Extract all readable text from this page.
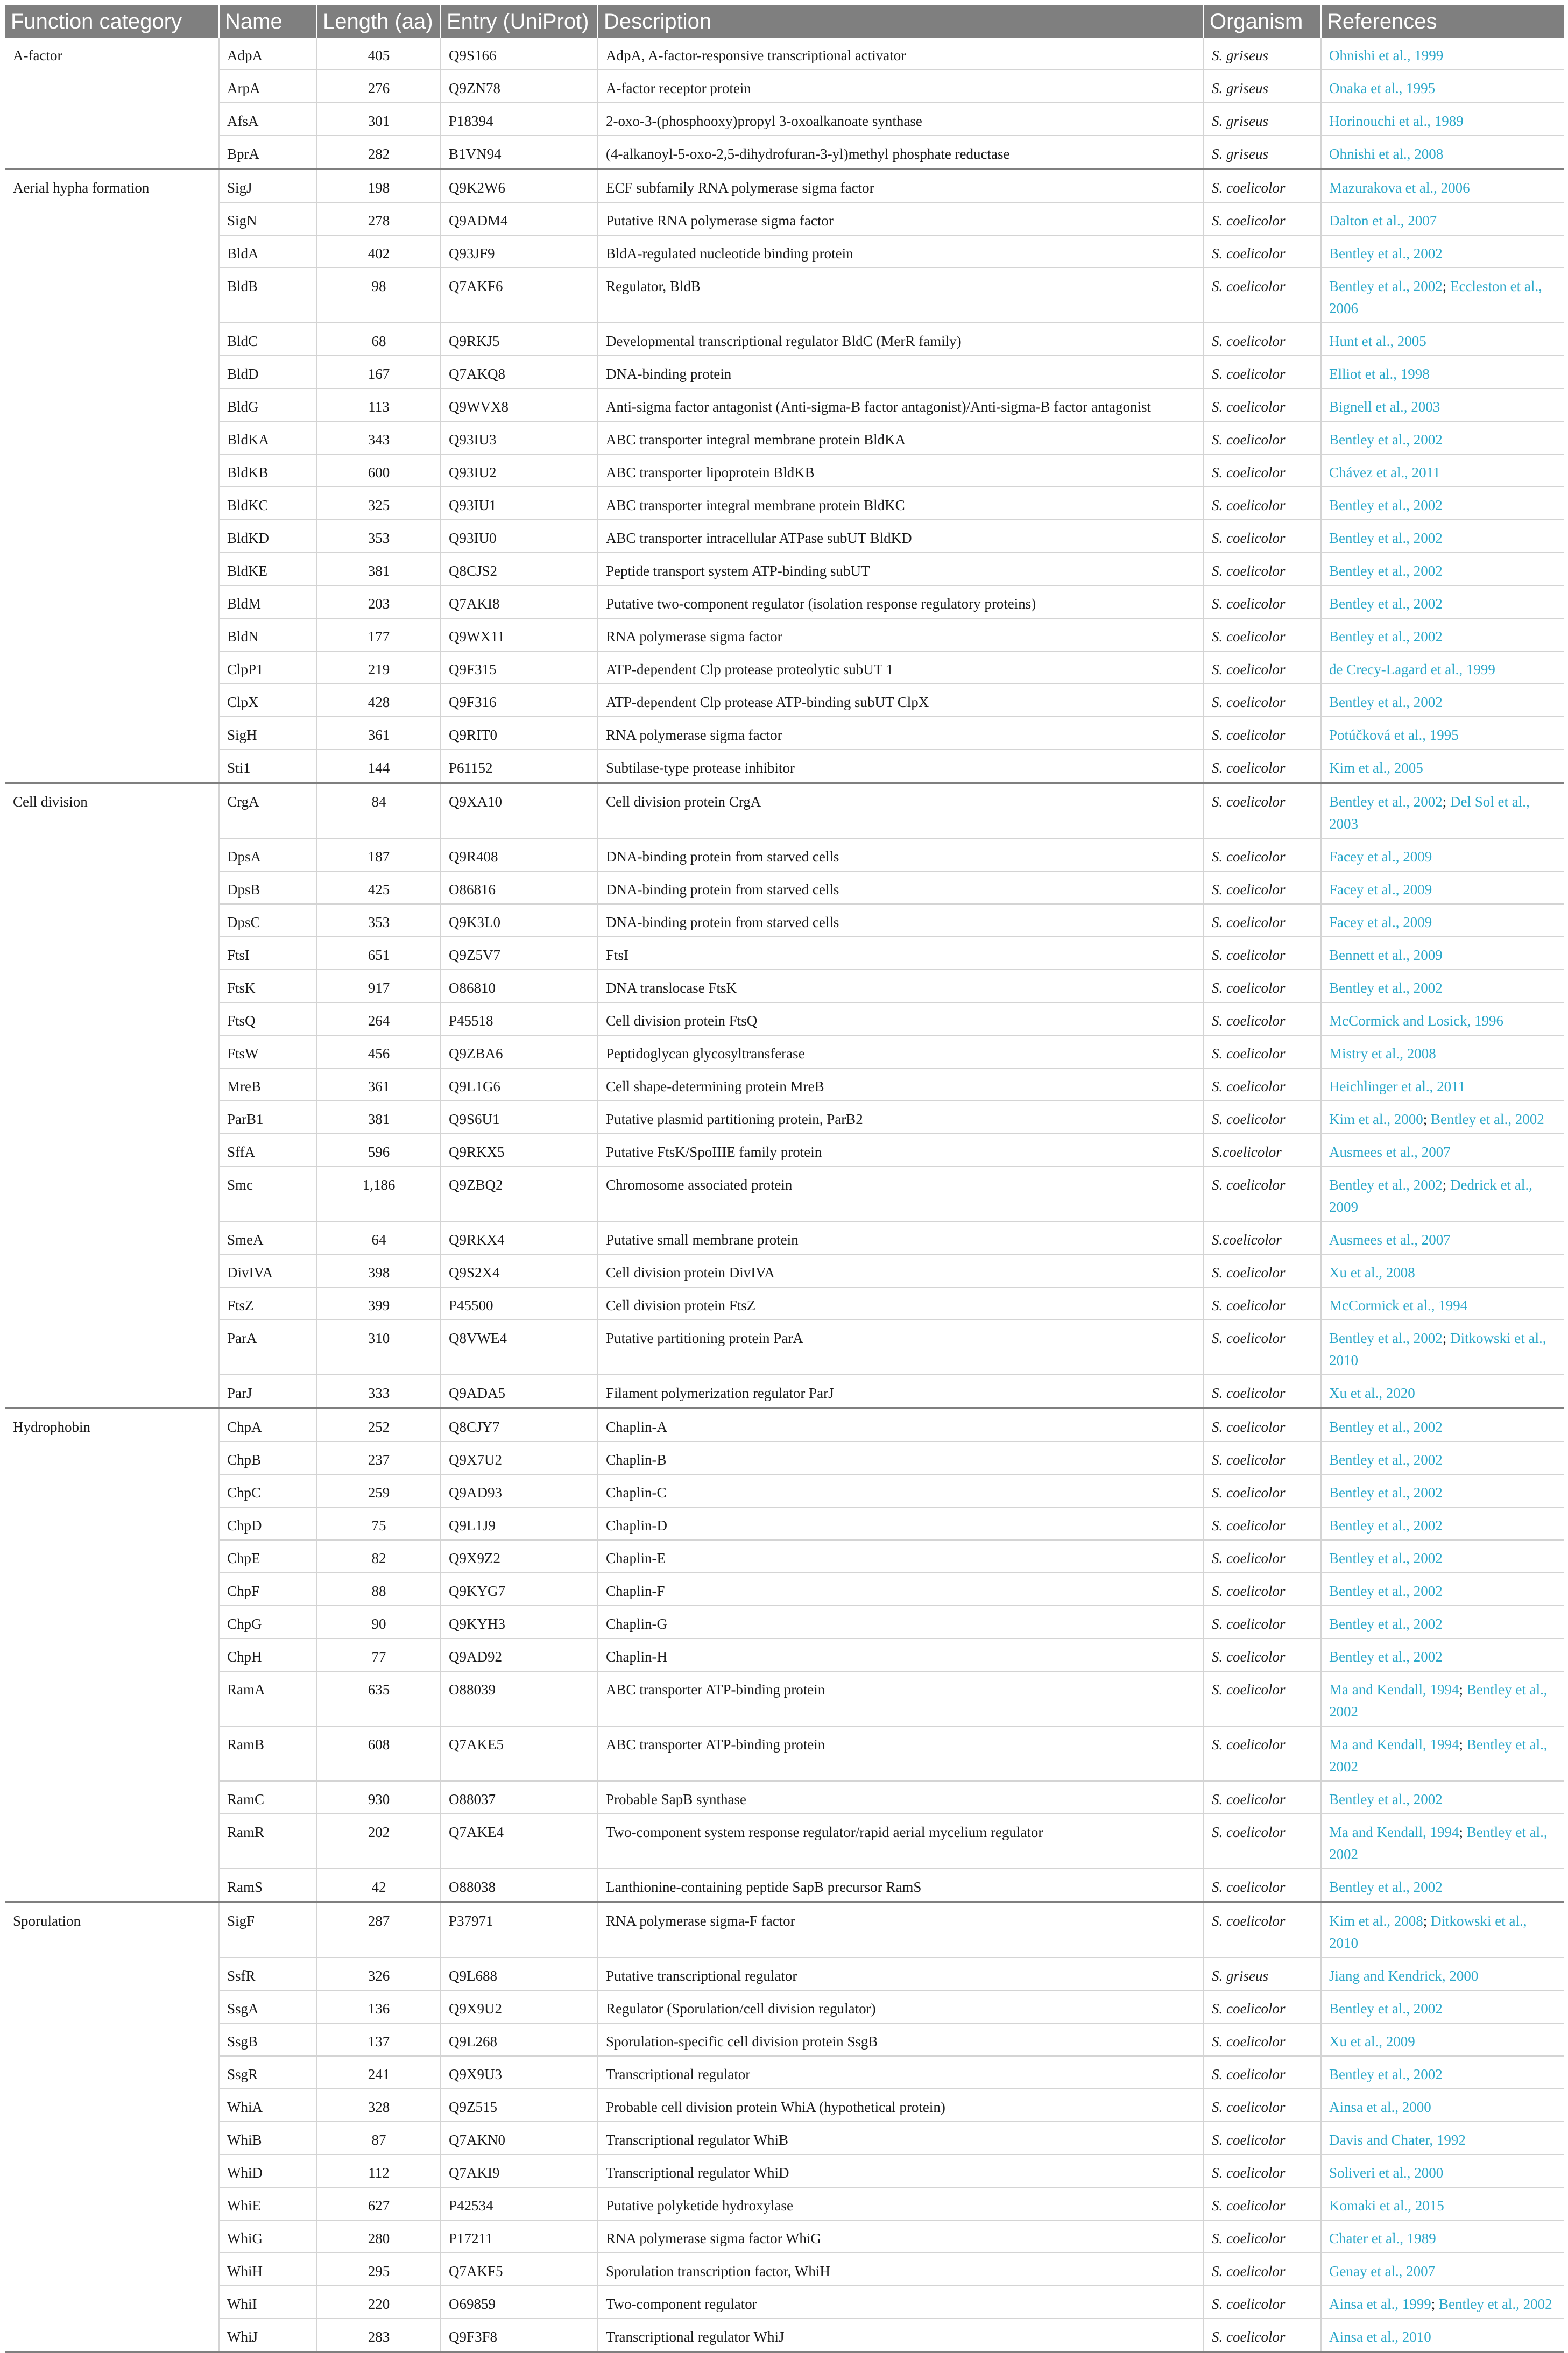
Function category	Name	Length (aa)	Entry (UniProt)	Description	Organism	References
A-factor	AdpA	405	Q9S166	AdpA, A-factor-responsive transcriptional activator	S. griseus	Ohnishi et al., 1999
	ArpA	276	Q9ZN78	A-factor receptor protein	S. griseus	Onaka et al., 1995
	AfsA	301	P18394	2-oxo-3-(phosphooxy)propyl 3-oxoalkanoate synthase	S. griseus	Horinouchi et al., 1989
	BprA	282	B1VN94	(4-alkanoyl-5-oxo-2,5-dihydrofuran-3-yl)methyl phosphate reductase	S. griseus	Ohnishi et al., 2008
Aerial hypha formation	SigJ	198	Q9K2W6	ECF subfamily RNA polymerase sigma factor	S. coelicolor	Mazurakova et al., 2006
	SigN	278	Q9ADM4	Putative RNA polymerase sigma factor	S. coelicolor	Dalton et al., 2007
	BldA	402	Q93JF9	BldA-regulated nucleotide binding protein	S. coelicolor	Bentley et al., 2002
	BldB	98	Q7AKF6	Regulator, BldB	S. coelicolor	Bentley et al., 2002 ; Eccleston et al., 2006
	BldC	68	Q9RKJ5	Developmental transcriptional regulator BldC (MerR family)	S. coelicolor	Hunt et al., 2005
	BldD	167	Q7AKQ8	DNA-binding protein	S. coelicolor	Elliot et al., 1998
	BldG	113	Q9WVX8	Anti-sigma factor antagonist (Anti-sigma-B factor antagonist)/Anti-sigma-B factor antagonist	S. coelicolor	Bignell et al., 2003
	BldKA	343	Q93IU3	ABC transporter integral membrane protein BldKA	S. coelicolor	Bentley et al., 2002
	BldKB	600	Q93IU2	ABC transporter lipoprotein BldKB	S. coelicolor	Chávez et al., 2011
	BldKC	325	Q93IU1	ABC transporter integral membrane protein BldKC	S. coelicolor	Bentley et al., 2002
	BldKD	353	Q93IU0	ABC transporter intracellular ATPase subUT BldKD	S. coelicolor	Bentley et al., 2002
	BldKE	381	Q8CJS2	Peptide transport system ATP-binding subUT	S. coelicolor	Bentley et al., 2002
	BldM	203	Q7AKI8	Putative two-component regulator (isolation response regulatory proteins)	S. coelicolor	Bentley et al., 2002
	BldN	177	Q9WX11	RNA polymerase sigma factor	S. coelicolor	Bentley et al., 2002
	ClpP1	219	Q9F315	ATP-dependent Clp protease proteolytic subUT 1	S. coelicolor	de Crecy-Lagard et al., 1999
	ClpX	428	Q9F316	ATP-dependent Clp protease ATP-binding subUT ClpX	S. coelicolor	Bentley et al., 2002
	SigH	361	Q9RIT0	RNA polymerase sigma factor	S. coelicolor	Potúčková et al., 1995
	Sti1	144	P61152	Subtilase-type protease inhibitor	S. coelicolor	Kim et al., 2005
Cell division	CrgA	84	Q9XA10	Cell division protein CrgA	S. coelicolor	Bentley et al., 2002 ; Del Sol et al., 2003
	DpsA	187	Q9R408	DNA-binding protein from starved cells	S. coelicolor	Facey et al., 2009
	DpsB	425	O86816	DNA-binding protein from starved cells	S. coelicolor	Facey et al., 2009
	DpsC	353	Q9K3L0	DNA-binding protein from starved cells	S. coelicolor	Facey et al., 2009
	FtsI	651	Q9Z5V7	FtsI	S. coelicolor	Bennett et al., 2009
	FtsK	917	O86810	DNA translocase FtsK	S. coelicolor	Bentley et al., 2002
	FtsQ	264	P45518	Cell division protein FtsQ	S. coelicolor	McCormick and Losick, 1996
	FtsW	456	Q9ZBA6	Peptidoglycan glycosyltransferase	S. coelicolor	Mistry et al., 2008
	MreB	361	Q9L1G6	Cell shape-determining protein MreB	S. coelicolor	Heichlinger et al., 2011
	ParB1	381	Q9S6U1	Putative plasmid partitioning protein, ParB2	S. coelicolor	Kim et al., 2000 ; Bentley et al., 2002
	SffA	596	Q9RKX5	Putative FtsK/SpoIIIE family protein	S.coelicolor	Ausmees et al., 2007
	Smc	1,186	Q9ZBQ2	Chromosome associated protein	S. coelicolor	Bentley et al., 2002 ; Dedrick et al., 2009
	SmeA	64	Q9RKX4	Putative small membrane protein	S.coelicolor	Ausmees et al., 2007
	DivIVA	398	Q9S2X4	Cell division protein DivIVA	S. coelicolor	Xu et al., 2008
	FtsZ	399	P45500	Cell division protein FtsZ	S. coelicolor	McCormick et al., 1994
	ParA	310	Q8VWE4	Putative partitioning protein ParA	S. coelicolor	Bentley et al., 2002 ; Ditkowski et al., 2010
	ParJ	333	Q9ADA5	Filament polymerization regulator ParJ	S. coelicolor	Xu et al., 2020
Hydrophobin	ChpA	252	Q8CJY7	Chaplin-A	S. coelicolor	Bentley et al., 2002
	ChpB	237	Q9X7U2	Chaplin-B	S. coelicolor	Bentley et al., 2002
	ChpC	259	Q9AD93	Chaplin-C	S. coelicolor	Bentley et al., 2002
	ChpD	75	Q9L1J9	Chaplin-D	S. coelicolor	Bentley et al., 2002
	ChpE	82	Q9X9Z2	Chaplin-E	S. coelicolor	Bentley et al., 2002
	ChpF	88	Q9KYG7	Chaplin-F	S. coelicolor	Bentley et al., 2002
	ChpG	90	Q9KYH3	Chaplin-G	S. coelicolor	Bentley et al., 2002
	ChpH	77	Q9AD92	Chaplin-H	S. coelicolor	Bentley et al., 2002
	RamA	635	O88039	ABC transporter ATP-binding protein	S. coelicolor	Ma and Kendall, 1994 ; Bentley et al., 2002
	RamB	608	Q7AKE5	ABC transporter ATP-binding protein	S. coelicolor	Ma and Kendall, 1994 ; Bentley et al., 2002
	RamC	930	O88037	Probable SapB synthase	S. coelicolor	Bentley et al., 2002
	RamR	202	Q7AKE4	Two-component system response regulator/rapid aerial mycelium regulator	S. coelicolor	Ma and Kendall, 1994 ; Bentley et al., 2002
	RamS	42	O88038	Lanthionine-containing peptide SapB precursor RamS	S. coelicolor	Bentley et al., 2002
Sporulation	SigF	287	P37971	RNA polymerase sigma-F factor	S. coelicolor	Kim et al., 2008 ; Ditkowski et al., 2010
	SsfR	326	Q9L688	Putative transcriptional regulator	S. griseus	Jiang and Kendrick, 2000
	SsgA	136	Q9X9U2	Regulator (Sporulation/cell division regulator)	S. coelicolor	Bentley et al., 2002
	SsgB	137	Q9L268	Sporulation-specific cell division protein SsgB	S. coelicolor	Xu et al., 2009
	SsgR	241	Q9X9U3	Transcriptional regulator	S. coelicolor	Bentley et al., 2002
	WhiA	328	Q9Z515	Probable cell division protein WhiA (hypothetical protein)	S. coelicolor	Ainsa et al., 2000
	WhiB	87	Q7AKN0	Transcriptional regulator WhiB	S. coelicolor	Davis and Chater, 1992
	WhiD	112	Q7AKI9	Transcriptional regulator WhiD	S. coelicolor	Soliveri et al., 2000
	WhiE	627	P42534	Putative polyketide hydroxylase	S. coelicolor	Komaki et al., 2015
	WhiG	280	P17211	RNA polymerase sigma factor WhiG	S. coelicolor	Chater et al., 1989
	WhiH	295	Q7AKF5	Sporulation transcription factor, WhiH	S. coelicolor	Genay et al., 2007
	WhiI	220	O69859	Two-component regulator	S. coelicolor	Ainsa et al., 1999 ; Bentley et al., 2002
	WhiJ	283	Q9F3F8	Transcriptional regulator WhiJ	S. coelicolor	Ainsa et al., 2010
